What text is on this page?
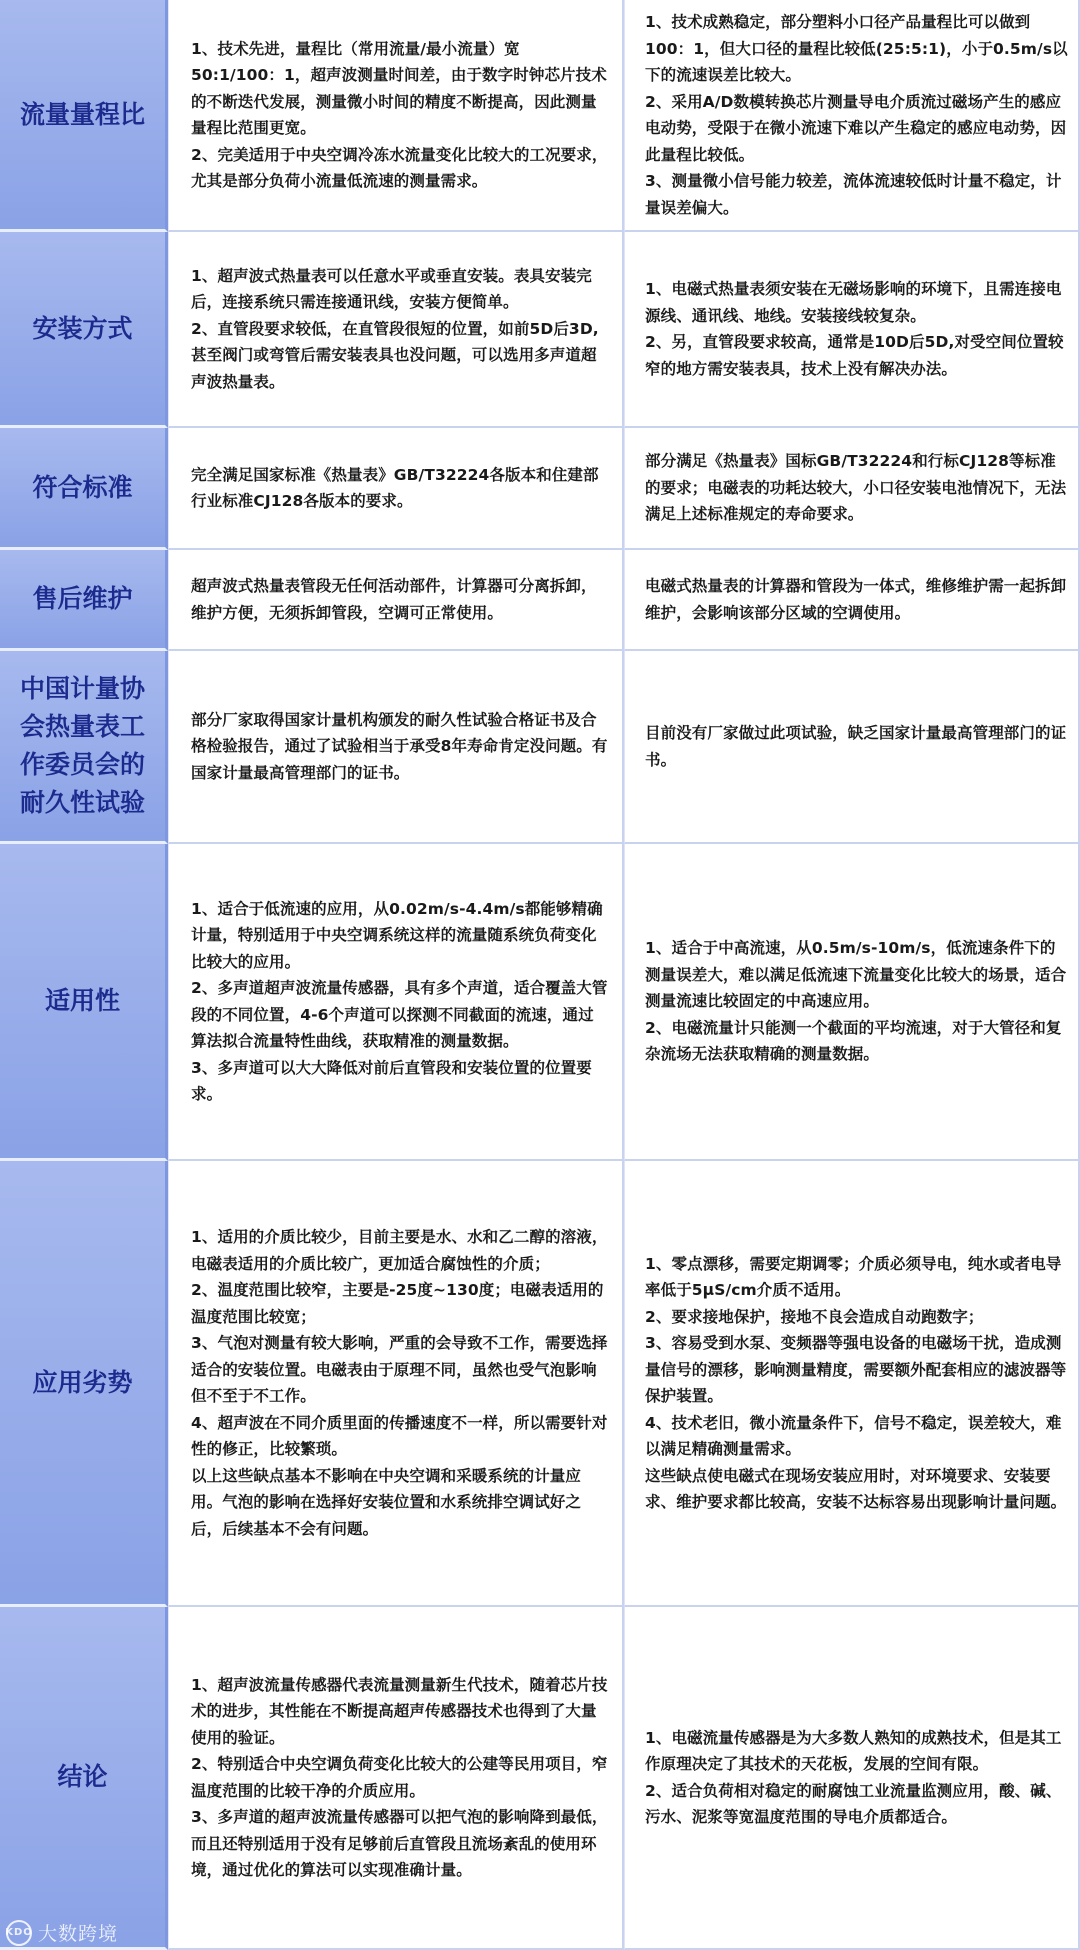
流量量程比
1、技术先进，量程比（常用流量/最小流量）宽50:1/100：1，超声波测量时间差，由于数字时钟芯片技术的不断迭代发展，测量微小时间的精度不断提高，因此测量量程比范围更宽。
2、完美适用于中央空调冷冻水流量变化比较大的工况要求，尤其是部分负荷小流量低流速的测量需求。
1、技术成熟稳定，部分塑料小口径产品量程比可以做到100：1，但大口径的量程比较低(25:5:1)，小于0.5m/s以下的流速误差比较大。
2、采用A/D数模转换芯片测量导电介质流过磁场产生的感应电动势，受限于在微小流速下难以产生稳定的感应电动势，因此量程比较低。
3、测量微小信号能力较差，流体流速较低时计量不稳定，计量误差偏大。
安装方式
1、超声波式热量表可以任意水平或垂直安装。表具安装完后，连接系统只需连接通讯线，安装方便简单。
2、直管段要求较低，在直管段很短的位置，如前5D后3D,甚至阀门或弯管后需安装表具也没问题，可以选用多声道超声波热量表。
1、电磁式热量表须安装在无磁场影响的环境下，且需连接电源线、通讯线、地线。安装接线较复杂。
2、另，直管段要求较高，通常是10D后5D,对受空间位置较窄的地方需安装表具，技术上没有解决办法。
符合标准	完全满足国家标准《热量表》GB/T32224各版本和住建部行业标准CJ128各版本的要求。
部分满足《热量表》国标GB/T32224和行标CJ128等标准的要求；电磁表的功耗达较大，小口径安装电池情况下，无法满足上述标准规定的寿命要求。
售后维护	超声波式热量表管段无任何活动部件，计算器可分离拆卸，维护方便，无须拆卸管段，空调可正常使用。
电磁式热量表的计算器和管段为一体式，维修维护需一起拆卸维护，会影响该部分区域的空调使用。
中国计量协
会热量表工
作委员会的
耐久性试验
部分厂家取得国家计量机构颁发的耐久性试验合格证书及合格检验报告，通过了试验相当于承受8年寿命肯定没问题。有国家计量最高管理部门的证书。
目前没有厂家做过此项试验，缺乏国家计量最高管理部门的证书。
适用性
1、适合于低流速的应用，从0.02m/s-4.4m/s都能够精确计量，特别适用于中央空调系统这样的流量随系统负荷变化比较大的应用。
2、多声道超声波流量传感器，具有多个声道，适合覆盖大管段的不同位置，4-6个声道可以探测不同截面的流速，通过算法拟合流量特性曲线，获取精准的测量数据。
3、多声道可以大大降低对前后直管段和安装位置的位置要求。
1、适合于中高流速，从0.5m/s-10m/s，低流速条件下的测量误差大，难以满足低流速下流量变化比较大的场景，适合测量流速比较固定的中高速应用。
2、电磁流量计只能测一个截面的平均流速，对于大管径和复杂流场无法获取精确的测量数据。
应用劣势
1、适用的介质比较少，目前主要是水、水和乙二醇的溶液，电磁表适用的介质比较广，更加适合腐蚀性的介质；
2、温度范围比较窄，主要是-25度~130度；电磁表适用的温度范围比较宽；
3、气泡对测量有较大影响，严重的会导致不工作，需要选择适合的安装位置。电磁表由于原理不同，虽然也受气泡影响但不至于不工作。
4、超声波在不同介质里面的传播速度不一样，所以需要针对性的修正，比较繁琐。
以上这些缺点基本不影响在中央空调和采暖系统的计量应用。气泡的影响在选择好安装位置和水系统排空调试好之后，后续基本不会有问题。
1、零点漂移，需要定期调零；介质必须导电，纯水或者电导率低于5μS/cm介质不适用。
2、要求接地保护，接地不良会造成自动跑数字；
3、容易受到水泵、变频器等强电设备的电磁场干扰，造成测量信号的漂移，影响测量精度，需要额外配套相应的滤波器等保护装置。
4、技术老旧，微小流量条件下，信号不稳定，误差较大，难以满足精确测量需求。
这些缺点使电磁式在现场安装应用时，对环境要求、安装要求、维护要求都比较高，安装不达标容易出现影响计量问题。
结论
1、超声波流量传感器代表流量测量新生代技术，随着芯片技术的进步，其性能在不断提高超声传感器技术也得到了大量使用的验证。
2、特别适合中央空调负荷变化比较大的公建等民用项目，窄温度范围的比较干净的介质应用。
3、多声道的超声波流量传感器可以把气泡的影响降到最低，而且还特别适用于没有足够前后直管段且流场紊乱的使用环境，通过优化的算法可以实现准确计量。
1、电磁流量传感器是为大多数人熟知的成熟技术，但是其工作原理决定了其技术的天花板，发展的空间有限。
2、适合负荷相对稳定的耐腐蚀工业流量监测应用，酸、碱、污水、泥浆等宽温度范围的导电介质都适合。
KDO 大数跨境
